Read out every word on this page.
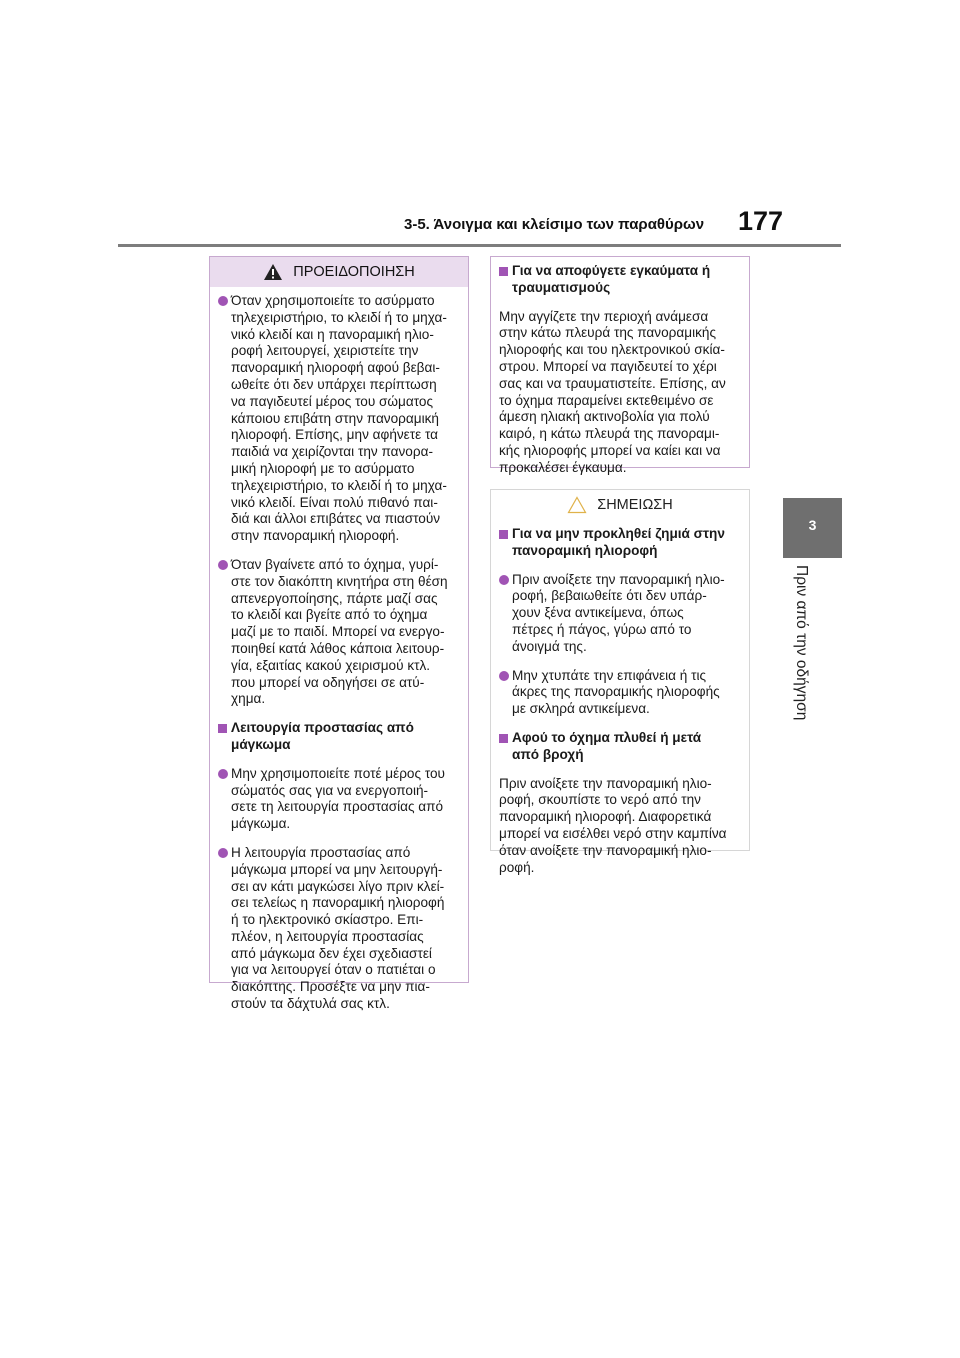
3-5. Άνοιγμα και κλείσιμο των παραθύρων 177
3
Πριν από την οδήγηση
ΠΡΟΕΙΔΟΠΟΙΗΣΗ
Όταν χρησιμοποιείτε το ασύρματο
τηλεχειριστήριο, το κλειδί ή το μηχα-
νικό κλειδί και η πανοραμική ηλιο-
ροφή λειτουργεί, χειριστείτε την
πανοραμική ηλιοροφή αφού βεβαι-
ωθείτε ότι δεν υπάρχει περίπτωση
να παγιδευτεί μέρος του σώματος
κάποιου επιβάτη στην πανοραμική
ηλιοροφή. Επίσης, μην αφήνετε τα
παιδιά να χειρίζονται την πανορα-
μική ηλιοροφή με το ασύρματο
τηλεχειριστήριο, το κλειδί ή το μηχα-
νικό κλειδί. Είναι πολύ πιθανό παι-
διά και άλλοι επιβάτες να πιαστούν
στην πανοραμική ηλιοροφή.
Όταν βγαίνετε από το όχημα, γυρί-
στε τον διακόπτη κινητήρα στη θέση
απενεργοποίησης, πάρτε μαζί σας
το κλειδί και βγείτε από το όχημα
μαζί με το παιδί. Μπορεί να ενεργο-
ποιηθεί κατά λάθος κάποια λειτουρ-
γία, εξαιτίας κακού χειρισμού κτλ.
που μπορεί να οδηγήσει σε ατύ-
χημα.
Λειτουργία προστασίας από
μάγκωμα
Μην χρησιμοποιείτε ποτέ μέρος του
σώματός σας για να ενεργοποιή-
σετε τη λειτουργία προστασίας από
μάγκωμα.
Η λειτουργία προστασίας από
μάγκωμα μπορεί να μην λειτουργή-
σει αν κάτι μαγκώσει λίγο πριν κλεί-
σει τελείως η πανοραμική ηλιοροφή
ή το ηλεκτρονικό σκίαστρο. Επι-
πλέον, η λειτουργία προστασίας
από μάγκωμα δεν έχει σχεδιαστεί
για να λειτουργεί όταν ο πατιέται ο
διακόπτης. Προσέξτε να μην πια-
στούν τα δάχτυλά σας κτλ.
Για να αποφύγετε εγκαύματα ή
τραυματισμούς

Μην αγγίζετε την περιοχή ανάμεσα
στην κάτω πλευρά της πανοραμικής
ηλιοροφής και του ηλεκτρονικού σκία-
στρου. Μπορεί να παγιδευτεί το χέρι
σας και να τραυματιστείτε. Επίσης, αν
το όχημα παραμείνει εκτεθειμένο σε
άμεση ηλιακή ακτινοβολία για πολύ
καιρό, η κάτω πλευρά της πανοραμι-
κής ηλιοροφής μπορεί να καίει και να
προκαλέσει έγκαυμα.

ΣΗΜΕΙΩΣΗ
Για να μην προκληθεί ζημιά στην
πανοραμική ηλιοροφή
Πριν ανοίξετε την πανοραμική ηλιο-
ροφή, βεβαιωθείτε ότι δεν υπάρ-
χουν ξένα αντικείμενα, όπως
πέτρες ή πάγος, γύρω από το
άνοιγμά της.
Μην χτυπάτε την επιφάνεια ή τις
άκρες της πανοραμικής ηλιοροφής
με σκληρά αντικείμενα.
Αφού το όχημα πλυθεί ή μετά
από βροχή

Πριν ανοίξετε την πανοραμική ηλιο-
ροφή, σκουπίστε το νερό από την
πανοραμική ηλιοροφή. Διαφορετικά
μπορεί να εισέλθει νερό στην καμπίνα
όταν ανοίξετε την πανοραμική ηλιο-
ροφή.
